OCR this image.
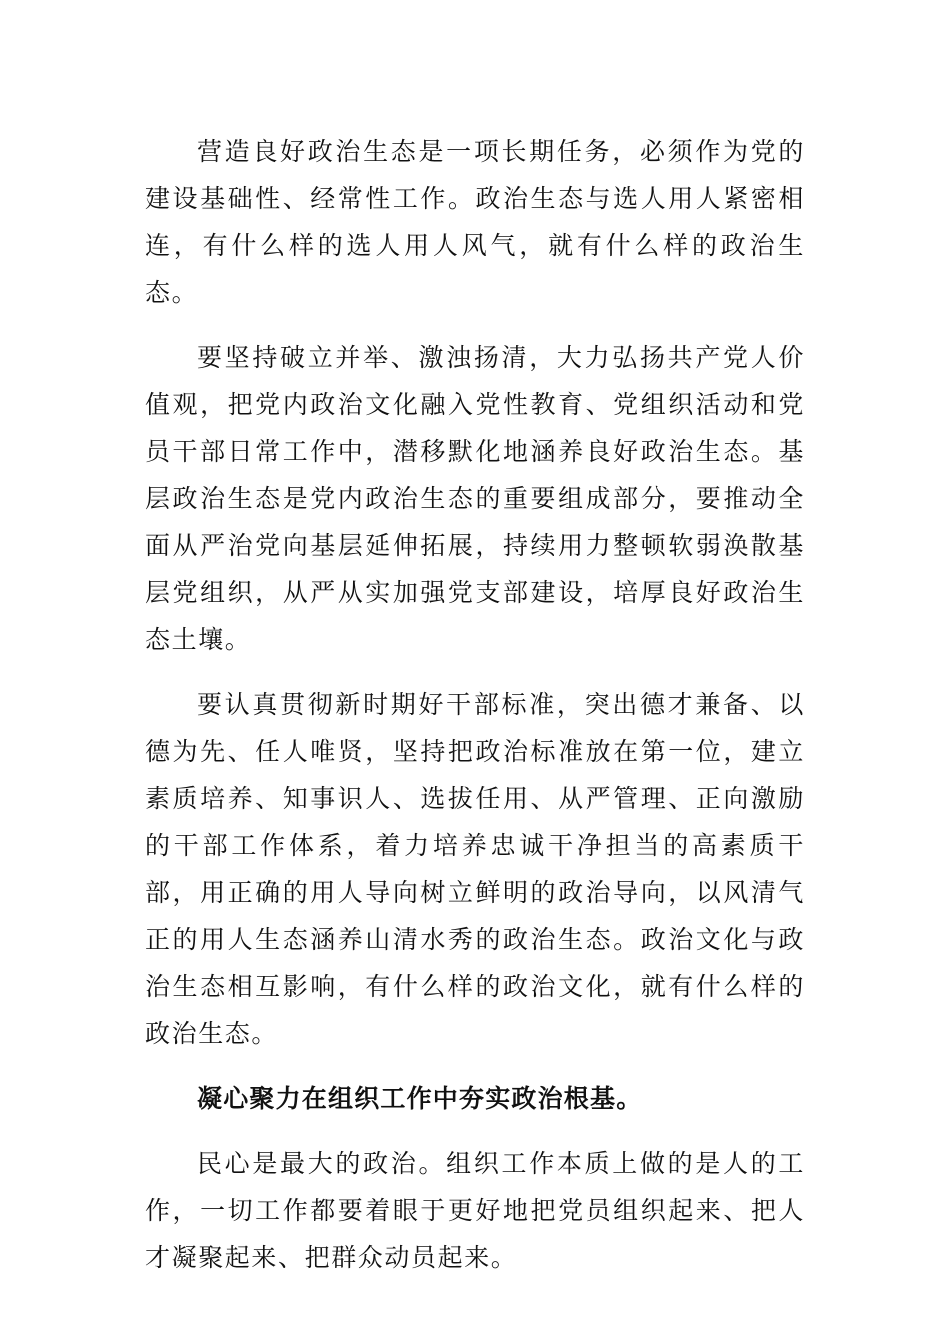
营造良好政治生态是一项长期任务，必须作为党的建设基础性、经常性工作。政治生态与选人用人紧密相连，有什么样的选人用人风气，就有什么样的政治生态。

要坚持破立并举、激浊扬清，大力弘扬共产党人价值观，把党内政治文化融入党性教育、党组织活动和党员干部日常工作中，潜移默化地涵养良好政治生态。基层政治生态是党内政治生态的重要组成部分，要推动全面从严治党向基层延伸拓展，持续用力整顿软弱涣散基层党组织，从严从实加强党支部建设，培厚良好政治生态土壤。

要认真贯彻新时期好干部标准，突出德才兼备、以德为先、任人唯贤，坚持把政治标准放在第一位，建立素质培养、知事识人、选拔任用、从严管理、正向激励的干部工作体系，着力培养忠诚干净担当的高素质干部，用正确的用人导向树立鲜明的政治导向，以风清气正的用人生态涵养山清水秀的政治生态。政治文化与政治生态相互影响，有什么样的政治文化，就有什么样的政治生态。

凝心聚力在组织工作中夯实政治根基。

民心是最大的政治。组织工作本质上做的是人的工作，一切工作都要着眼于更好地把党员组织起来、把人才凝聚起来、把群众动员起来。
